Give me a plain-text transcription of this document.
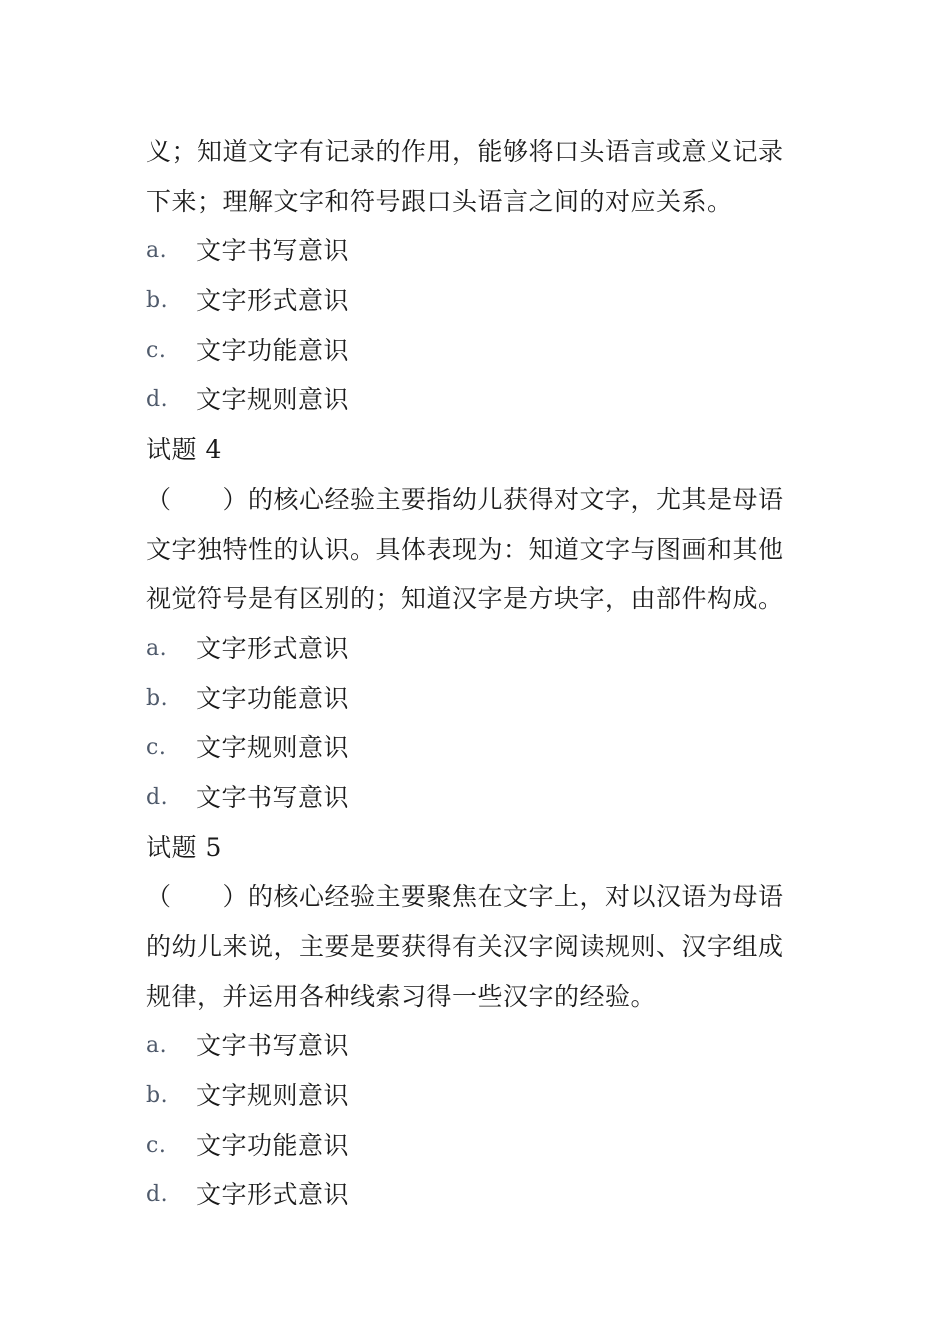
义；知道文字有记录的作用，能够将口头语言或意义记录
下来；理解文字和符号跟口头语言之间的对应关系。
a.	文字书写意识
b.	文字形式意识
c.	文字功能意识
d.	文字规则意识
试题 4
（　　）的核心经验主要指幼儿获得对文字，尤其是母语
文字独特性的认识。具体表现为：知道文字与图画和其他
视觉符号是有区别的；知道汉字是方块字，由部件构成。
a.	文字形式意识
b.	文字功能意识
c.	文字规则意识
d.	文字书写意识
试题 5
（　　）的核心经验主要聚焦在文字上，对以汉语为母语
的幼儿来说，主要是要获得有关汉字阅读规则、汉字组成
规律，并运用各种线索习得一些汉字的经验。
a.	文字书写意识
b.	文字规则意识
c.	文字功能意识
d.	文字形式意识
